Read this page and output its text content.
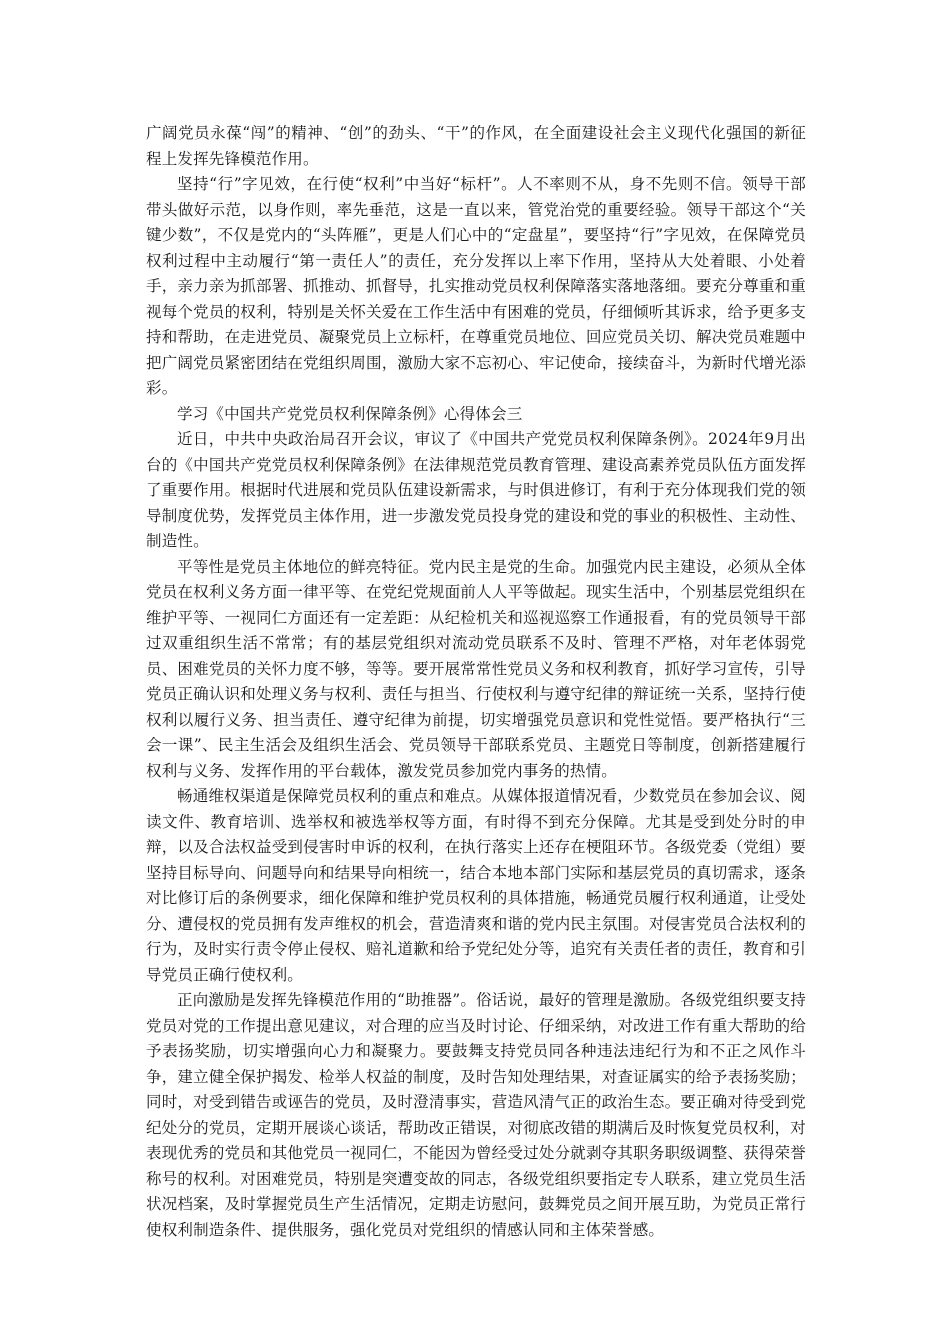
广阔党员永葆“闯”的精神、“创”的劲头、“干”的作风，在全面建设社会主义现代化强国的新征程上发挥先锋模范作用。

坚持“行”字见效，在行使“权利”中当好“标杆”。人不率则不从，身不先则不信。领导干部带头做好示范，以身作则，率先垂范，这是一直以来，管党治党的重要经验。领导干部这个“关键少数”，不仅是党内的“头阵雁”，更是人们心中的“定盘星”，要坚持“行”字见效，在保障党员权利过程中主动履行“第一责任人”的责任，充分发挥以上率下作用，坚持从大处着眼、小处着手，亲力亲为抓部署、抓推动、抓督导，扎实推动党员权利保障落实落地落细。要充分尊重和重视每个党员的权利，特别是关怀关爱在工作生活中有困难的党员，仔细倾听其诉求，给予更多支持和帮助，在走进党员、凝聚党员上立标杆，在尊重党员地位、回应党员关切、解决党员难题中把广阔党员紧密团结在党组织周围，激励大家不忘初心、牢记使命，接续奋斗，为新时代增光添彩。

学习《中国共产党党员权利保障条例》心得体会三

近日，中共中央政治局召开会议，审议了《中国共产党党员权利保障条例》。2024年9月出台的《中国共产党党员权利保障条例》在法律规范党员教育管理、建设高素养党员队伍方面发挥了重要作用。根据时代进展和党员队伍建设新需求，与时俱进修订，有利于充分体现我们党的领导制度优势，发挥党员主体作用，进一步激发党员投身党的建设和党的事业的积极性、主动性、制造性。

平等性是党员主体地位的鲜亮特征。党内民主是党的生命。加强党内民主建设，必须从全体党员在权利义务方面一律平等、在党纪党规面前人人平等做起。现实生活中，个别基层党组织在维护平等、一视同仁方面还有一定差距：从纪检机关和巡视巡察工作通报看，有的党员领导干部过双重组织生活不常常；有的基层党组织对流动党员联系不及时、管理不严格，对年老体弱党员、困难党员的关怀力度不够，等等。要开展常常性党员义务和权利教育，抓好学习宣传，引导党员正确认识和处理义务与权利、责任与担当、行使权利与遵守纪律的辩证统一关系，坚持行使权利以履行义务、担当责任、遵守纪律为前提，切实增强党员意识和党性觉悟。要严格执行“三会一课”、民主生活会及组织生活会、党员领导干部联系党员、主题党日等制度，创新搭建履行权利与义务、发挥作用的平台载体，激发党员参加党内事务的热情。

畅通维权渠道是保障党员权利的重点和难点。从媒体报道情况看，少数党员在参加会议、阅读文件、教育培训、选举权和被选举权等方面，有时得不到充分保障。尤其是受到处分时的申辩，以及合法权益受到侵害时申诉的权利，在执行落实上还存在梗阻环节。各级党委（党组）要坚持目标导向、问题导向和结果导向相统一，结合本地本部门实际和基层党员的真切需求，逐条对比修订后的条例要求，细化保障和维护党员权利的具体措施，畅通党员履行权利通道，让受处分、遭侵权的党员拥有发声维权的机会，营造清爽和谐的党内民主氛围。对侵害党员合法权利的行为，及时实行责令停止侵权、赔礼道歉和给予党纪处分等，追究有关责任者的责任，教育和引导党员正确行使权利。

正向激励是发挥先锋模范作用的“助推器”。俗话说，最好的管理是激励。各级党组织要支持党员对党的工作提出意见建议，对合理的应当及时讨论、仔细采纳，对改进工作有重大帮助的给予表扬奖励，切实增强向心力和凝聚力。要鼓舞支持党员同各种违法违纪行为和不正之风作斗争，建立健全保护揭发、检举人权益的制度，及时告知处理结果，对查证属实的给予表扬奖励；同时，对受到错告或诬告的党员，及时澄清事实，营造风清气正的政治生态。要正确对待受到党纪处分的党员，定期开展谈心谈话，帮助改正错误，对彻底改错的期满后及时恢复党员权利，对表现优秀的党员和其他党员一视同仁，不能因为曾经受过处分就剥夺其职务职级调整、获得荣誉称号的权利。对困难党员，特别是突遭变故的同志，各级党组织要指定专人联系，建立党员生活状况档案，及时掌握党员生产生活情况，定期走访慰问，鼓舞党员之间开展互助，为党员正常行使权利制造条件、提供服务，强化党员对党组织的情感认同和主体荣誉感。
